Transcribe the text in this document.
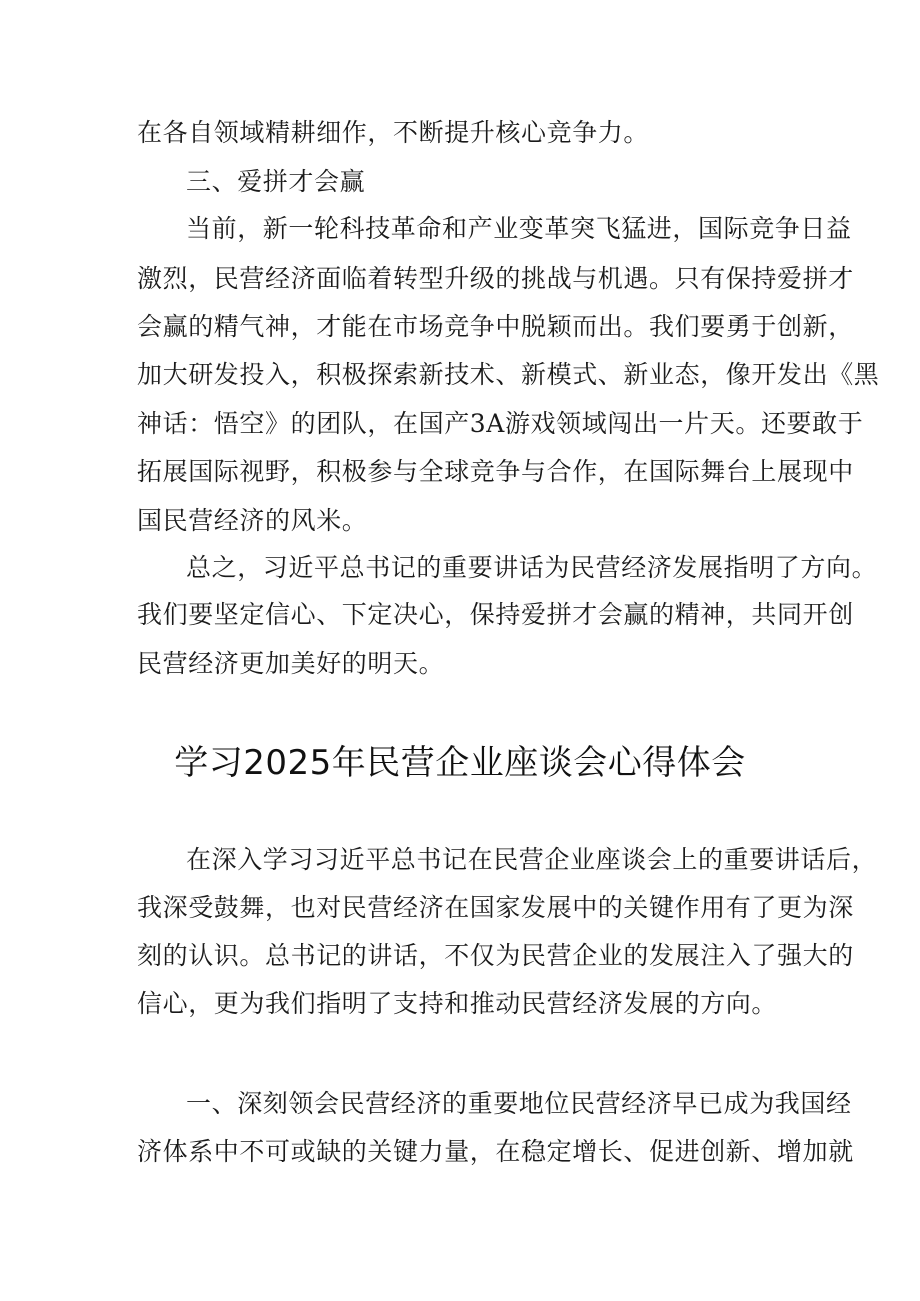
在各自领域精耕细作，不断提升核心竞争力。
三、爱拼才会赢
当前，新一轮科技革命和产业变革突飞猛进，国际竞争日益
激烈，民营经济面临着转型升级的挑战与机遇。只有保持爱拼才
会赢的精气神，才能在市场竞争中脱颖而出。我们要勇于创新，
加大研发投入，积极探索新技术、新模式、新业态，像开发出《黑
神话：悟空》的团队，在国产3A游戏领域闯出一片天。还要敢于
拓展国际视野，积极参与全球竞争与合作，在国际舞台上展现中
国民营经济的风米。
总之，习近平总书记的重要讲话为民营经济发展指明了方向。
我们要坚定信心、下定决心，保持爱拼才会赢的精神，共同开创
民营经济更加美好的明天。
学习2025年民营企业座谈会心得体会
在深入学习习近平总书记在民营企业座谈会上的重要讲话后，
我深受鼓舞，也对民营经济在国家发展中的关键作用有了更为深
刻的认识。总书记的讲话，不仅为民营企业的发展注入了强大的
信心，更为我们指明了支持和推动民营经济发展的方向。
一、深刻领会民营经济的重要地位民营经济早已成为我国经
济体系中不可或缺的关键力量，在稳定增长、促进创新、增加就
